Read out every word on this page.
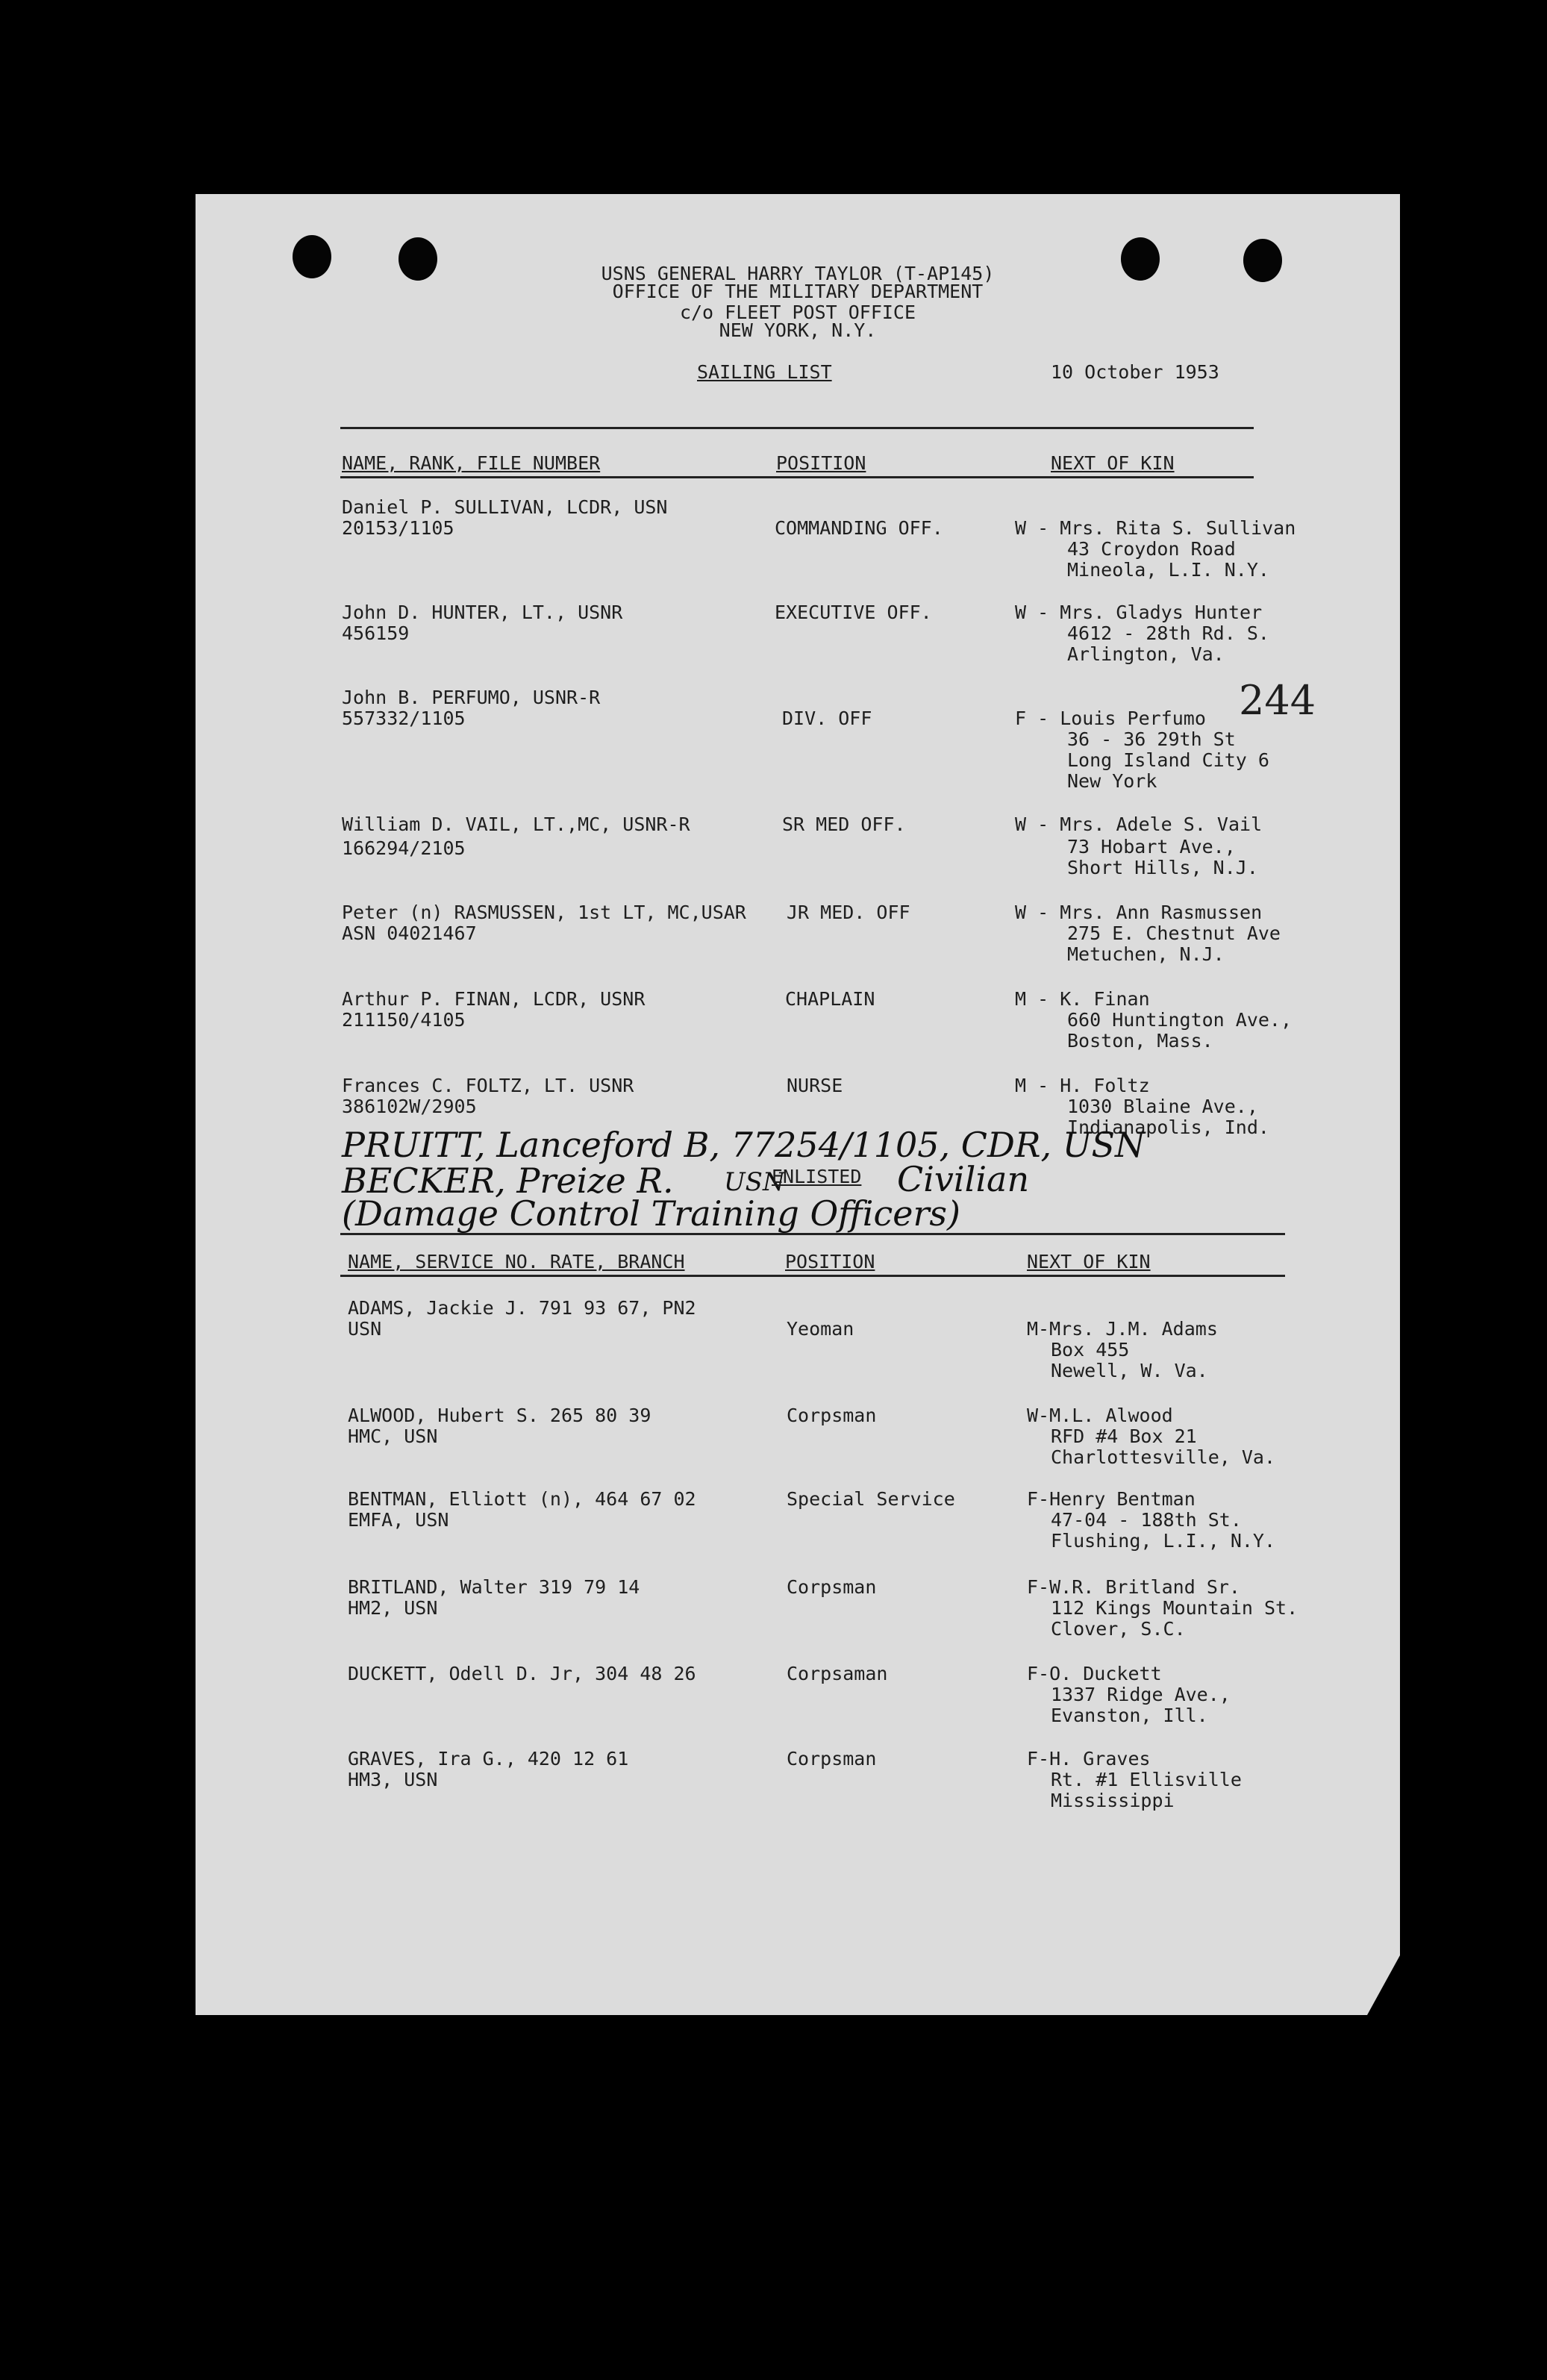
USNS GENERAL HARRY TAYLOR (T-AP145)
OFFICE OF THE MILITARY DEPARTMENT
c/o FLEET POST OFFICE
NEW YORK, N.Y.
SAILING LIST	10 October 1953
NAME, RANK, FILE NUMBER	POSITION	NEXT OF KIN
Daniel P. SULLIVAN, LCDR, USN
20153/1105	COMMANDING OFF.	W - Mrs. Rita S. Sullivan
43 Croydon Road
Mineola, L.I. N.Y.
John D. HUNTER, LT., USNR
456159
EXECUTIVE OFF.	W - Mrs. Gladys Hunter
4612 - 28th Rd. S.
Arlington, Va.
John B. PERFUMO, USNR-R
557332/1105	DIV. OFF	F - Louis Perfumo
36 - 36 29th St
Long Island City 6
New York
244
William D. VAIL, LT.,MC, USNR-R
166294/2105
SR MED OFF.	W - Mrs. Adele S. Vail
73 Hobart Ave.,
Short Hills, N.J.
Peter (n) RASMUSSEN, 1st LT, MC,USAR
ASN 04021467
JR MED. OFF	W - Mrs. Ann Rasmussen
275 E. Chestnut Ave
Metuchen, N.J.
Arthur P. FINAN, LCDR, USNR
211150/4105
CHAPLAIN	M - K. Finan
660 Huntington Ave.,
Boston, Mass.
Frances C. FOLTZ, LT. USNR
386102W/2905
NURSE	M - H. Foltz
1030 Blaine Ave.,
Indianapolis, Ind.
PRUITT, Lanceford B, 77254/1105, CDR, USN
BECKER, Preize R. USN
ENLISTED Civilian
(Damage Control Training Officers)
NAME, SERVICE NO. RATE, BRANCH	POSITION	NEXT OF KIN
ADAMS, Jackie J. 791 93 67, PN2
USN	Yeoman	M-Mrs. J.M. Adams
Box 455
Newell, W. Va.
ALWOOD, Hubert S. 265 80 39
HMC, USN
Corpsman	W-M.L. Alwood
RFD #4 Box 21
Charlottesville, Va.
BENTMAN, Elliott (n), 464 67 02
EMFA, USN
Special Service	F-Henry Bentman
47-04 - 188th St.
Flushing, L.I., N.Y.
BRITLAND, Walter 319 79 14
HM2, USN
Corpsman	F-W.R. Britland Sr.
112 Kings Mountain St.
Clover, S.C.
DUCKETT, Odell D. Jr, 304 48 26	Corpsaman	F-O. Duckett
1337 Ridge Ave.,
Evanston, Ill.
GRAVES, Ira G., 420 12 61
HM3, USN
Corpsman	F-H. Graves
Rt. #1 Ellisville
Mississippi
